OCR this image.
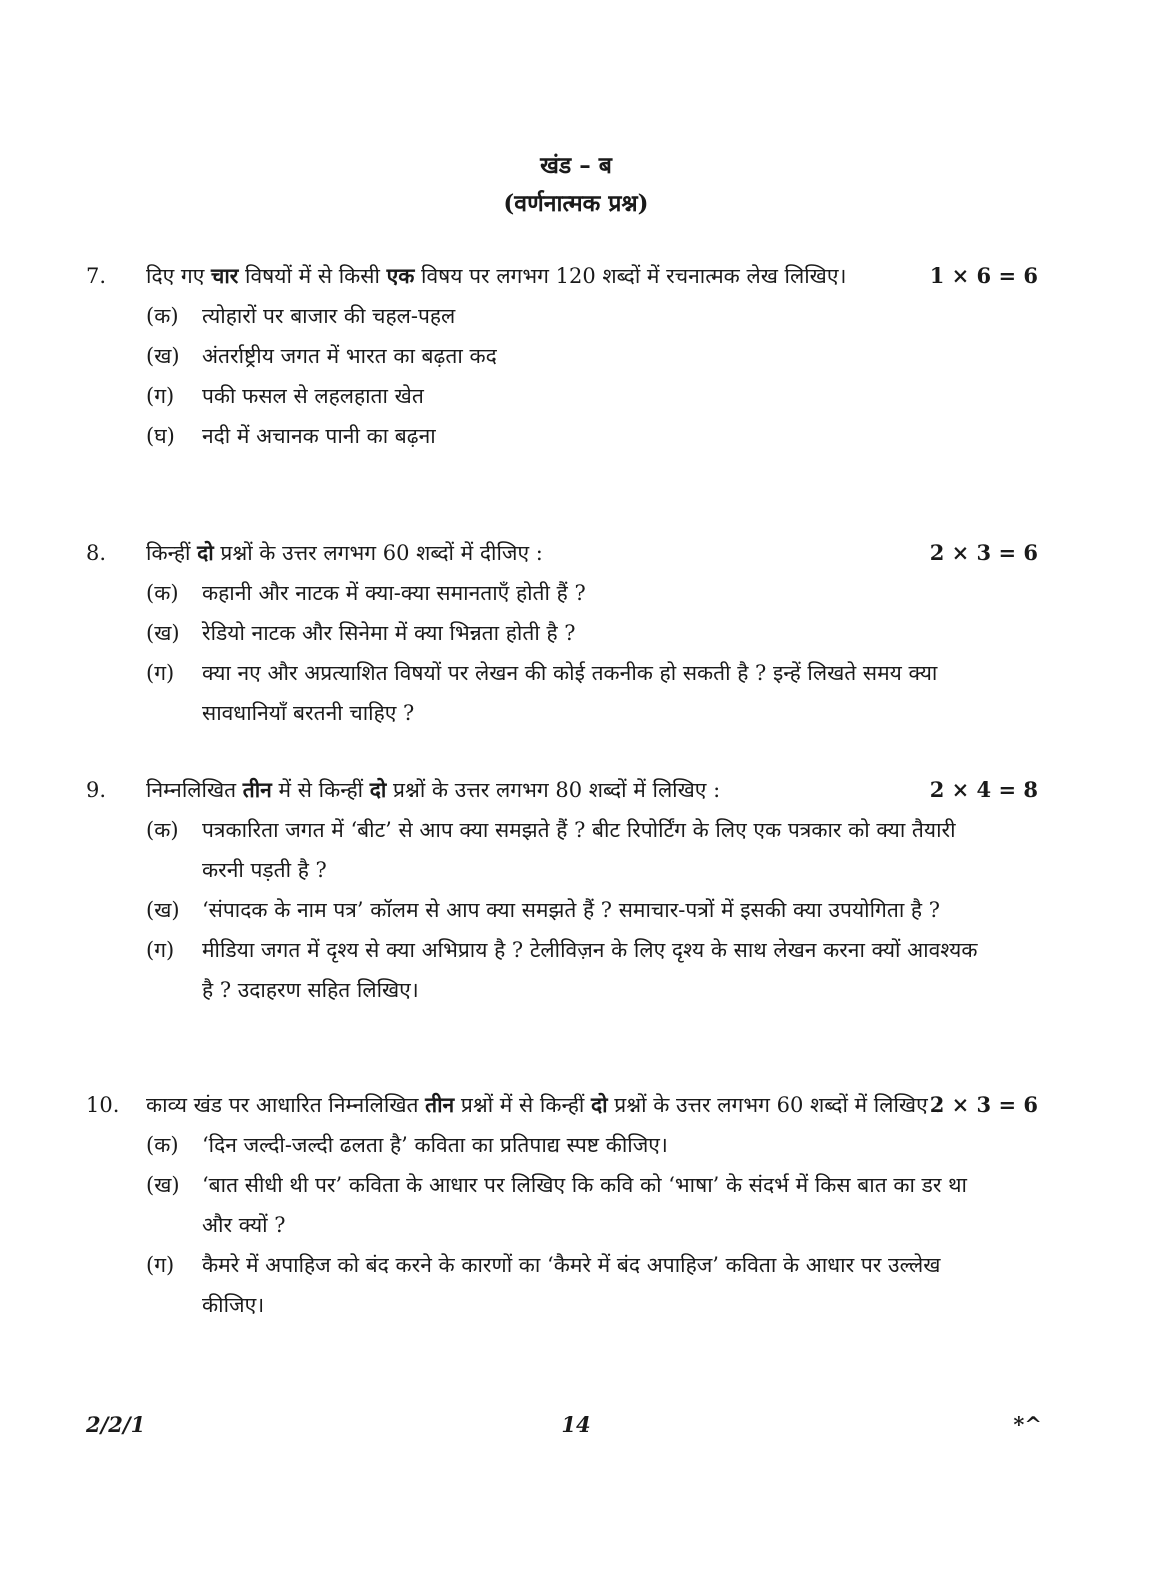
खंड – ब
(वर्णनात्मक प्रश्न)
7.	दिए गए चार विषयों में से किसी एक विषय पर लगभग 120 शब्दों में रचनात्मक लेख लिखिए।	1 × 6 = 6
(क)	त्योहारों पर बाजार की चहल-पहल
(ख)	अंतर्राष्ट्रीय जगत में भारत का बढ़ता कद
(ग)	पकी फसल से लहलहाता खेत
(घ)	नदी में अचानक पानी का बढ़ना
8.	किन्हीं दो प्रश्नों के उत्तर लगभग 60 शब्दों में दीजिए :	2 × 3 = 6
(क)	कहानी और नाटक में क्या-क्या समानताएँ होती हैं ?
(ख)	रेडियो नाटक और सिनेमा में क्या भिन्नता होती है ?
(ग)	क्या नए और अप्रत्याशित विषयों पर लेखन की कोई तकनीक हो सकती है ? इन्हें लिखते समय क्या सावधानियाँ बरतनी चाहिए ?
9.	निम्नलिखित तीन में से किन्हीं दो प्रश्नों के उत्तर लगभग 80 शब्दों में लिखिए :	2 × 4 = 8
(क)	पत्रकारिता जगत में ‘बीट’ से आप क्या समझते हैं ? बीट रिपोर्टिंग के लिए एक पत्रकार को क्या तैयारी करनी पड़ती है ?
(ख)	‘संपादक के नाम पत्र’ कॉलम से आप क्या समझते हैं ? समाचार-पत्रों में इसकी क्या उपयोगिता है ?
(ग)	मीडिया जगत में दृश्य से क्या अभिप्राय है ? टेलीविज़न के लिए दृश्य के साथ लेखन करना क्यों आवश्यक है ? उदाहरण सहित लिखिए।
10.	काव्य खंड पर आधारित निम्नलिखित तीन प्रश्नों में से किन्हीं दो प्रश्नों के उत्तर लगभग 60 शब्दों में लिखिए :
2 × 3 = 6
(क)	‘दिन जल्दी-जल्दी ढलता है’ कविता का प्रतिपाद्य स्पष्ट कीजिए।
(ख)	‘बात सीधी थी पर’ कविता के आधार पर लिखिए कि कवि को ‘भाषा’ के संदर्भ में किस बात का डर था और क्यों ?
(ग)	कैमरे में अपाहिज को बंद करने के कारणों का ‘कैमरे में बंद अपाहिज’ कविता के आधार पर उल्लेख कीजिए।
2/2/1	14	*^
